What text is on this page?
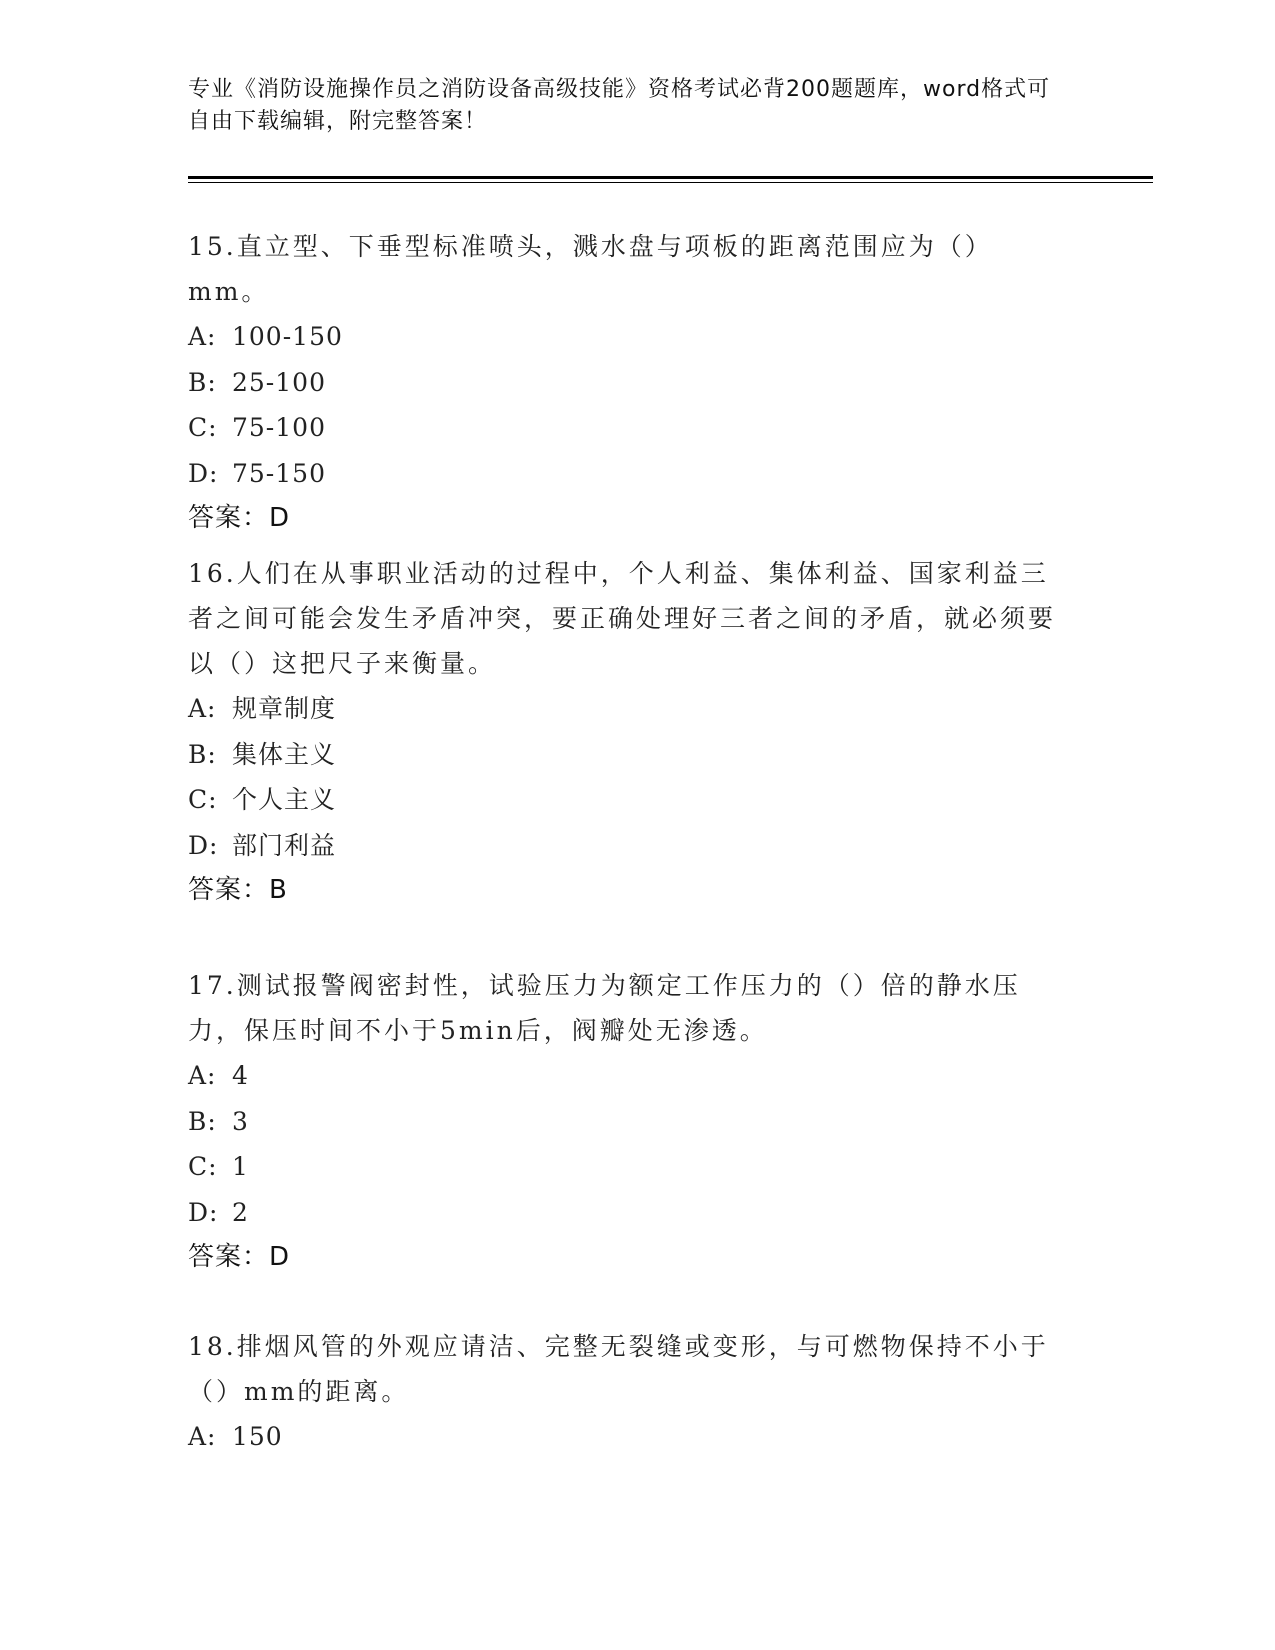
专业《消防设施操作员之消防设备高级技能》资格考试必背200题题库，word格式可自由下载编辑，附完整答案！

15.直立型、下垂型标准喷头，溅水盘与项板的距离范围应为（）mm。

A: 100-150
B: 25-100
C: 75-100
D: 75-150
答案：D

16.人们在从事职业活动的过程中，个人利益、集体利益、国家利益三者之间可能会发生矛盾冲突，要正确处理好三者之间的矛盾，就必须要以（）这把尺子来衡量。

A: 规章制度
B: 集体主义
C: 个人主义
D: 部门利益
答案：B

17.测试报警阀密封性，试验压力为额定工作压力的（）倍的静水压力，保压时间不小于5min后，阀瓣处无渗透。

A: 4
B: 3
C: 1
D: 2
答案：D

18.排烟风管的外观应请洁、完整无裂缝或变形，与可燃物保持不小于（）mm的距离。

A: 150
